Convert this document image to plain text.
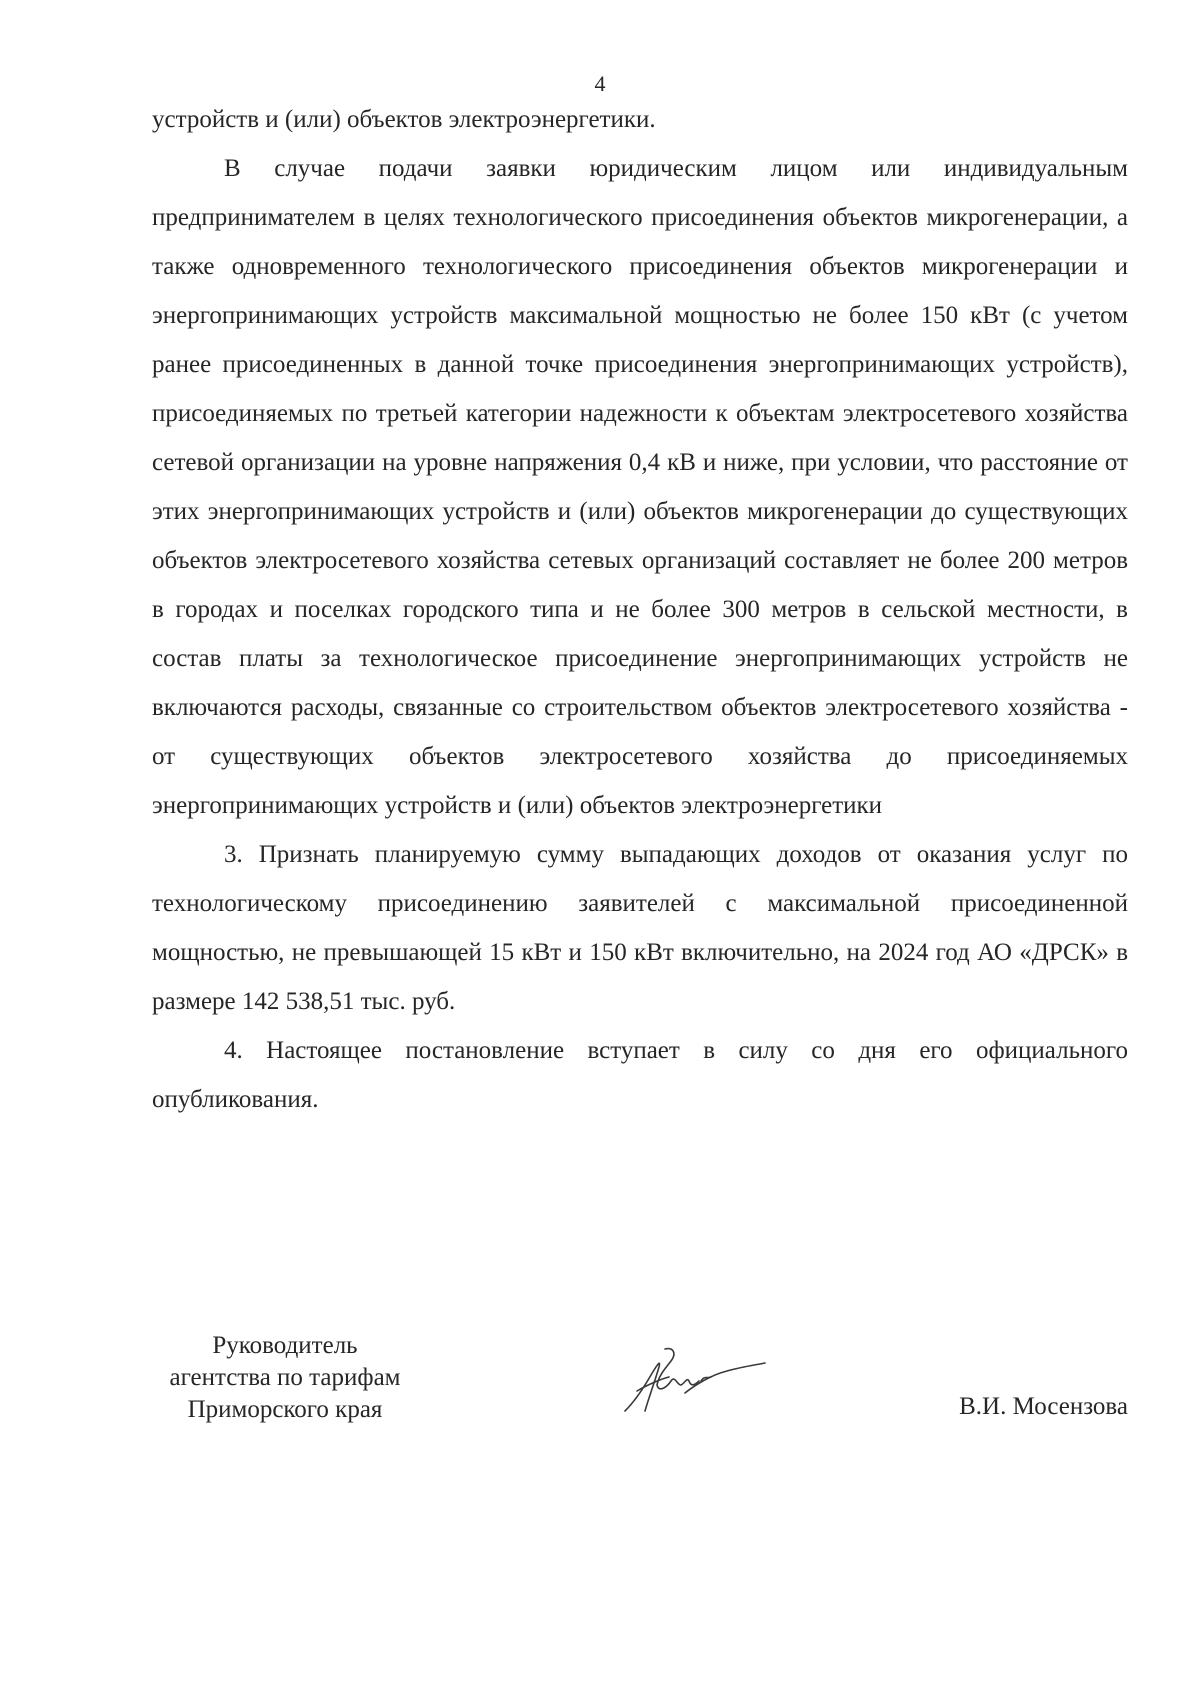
4

устройств и (или) объектов электроэнергетики.

В случае подачи заявки юридическим лицом или индивидуальным предпринимателем в целях технологического присоединения объектов микрогенерации, а также одновременного технологического присоединения объектов микрогенерации и энергопринимающих устройств максимальной мощностью не более 150 кВт (с учетом ранее присоединенных в данной точке присоединения энергопринимающих устройств), присоединяемых по третьей категории надежности к объектам электросетевого хозяйства сетевой организации на уровне напряжения 0,4 кВ и ниже, при условии, что расстояние от этих энергопринимающих устройств и (или) объектов микрогенерации до существующих объектов электросетевого хозяйства сетевых организаций составляет не более 200 метров в городах и поселках городского типа и не более 300 метров в сельской местности, в состав платы за технологическое присоединение энергопринимающих устройств не включаются расходы, связанные со строительством объектов электросетевого хозяйства - от существующих объектов электросетевого хозяйства до присоединяемых энергопринимающих устройств и (или) объектов электроэнергетики

3. Признать планируемую сумму выпадающих доходов от оказания услуг по технологическому присоединению заявителей с максимальной присоединенной мощностью, не превышающей 15 кВт и 150 кВт включительно, на 2024 год АО «ДРСК» в размере 142 538,51 тыс. руб.

4. Настоящее постановление вступает в силу со дня его официального опубликования.

Руководитель
агентства по тарифам
Приморского края	В.И. Мосензова
